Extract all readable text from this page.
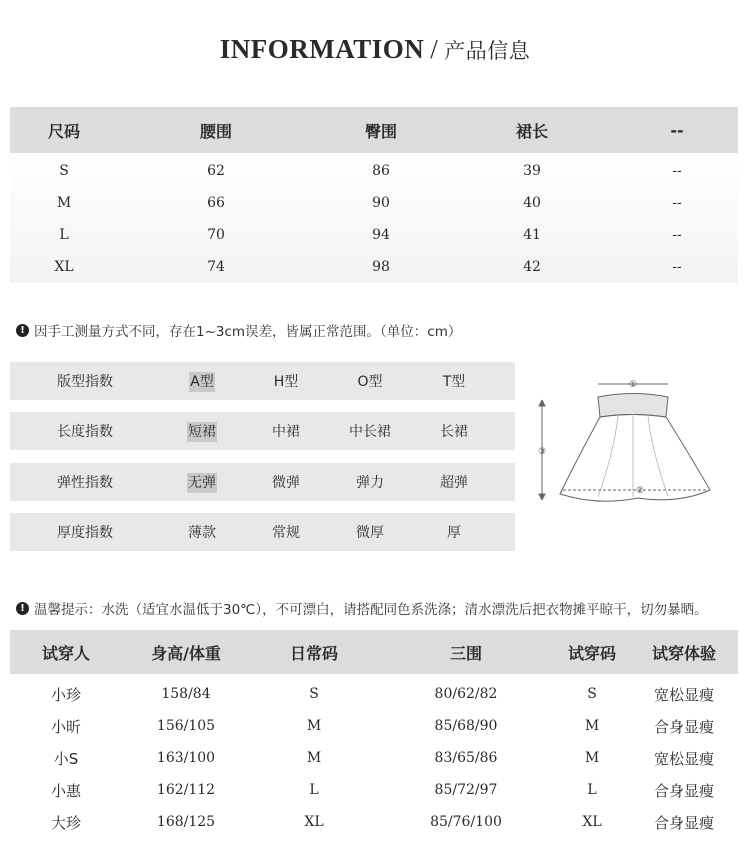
INFORMATION / 产品信息
尺码	腰围	臀围	裙长	--
S	62	86	39	--
M	66	90	40	--
L	70	94	41	--
XL	74	98	42	--
! 因手工测量方式不同，存在1~3cm误差，皆属正常范围。（单位：cm）
版型指数	A型	H型	O型	T型
长度指数	短裙	中裙	中长裙	长裙
弹性指数	无弹	微弹	弹力	超弹
厚度指数	薄款	常规	微厚	厚
①
②
③
! 温馨提示：水洗（适宜水温低于30℃），不可漂白，请搭配同色系洗涤；清水漂洗后把衣物摊平晾干，切勿暴晒。
试穿人	身高/体重	日常码	三围	试穿码	试穿体验
小珍	158/84	S	80/62/82	S	宽松显瘦
小昕	156/105	M	85/68/90	M	合身显瘦
小S	163/100	M	83/65/86	M	宽松显瘦
小惠	162/112	L	85/72/97	L	合身显瘦
大珍	168/125	XL	85/76/100	XL	合身显瘦
